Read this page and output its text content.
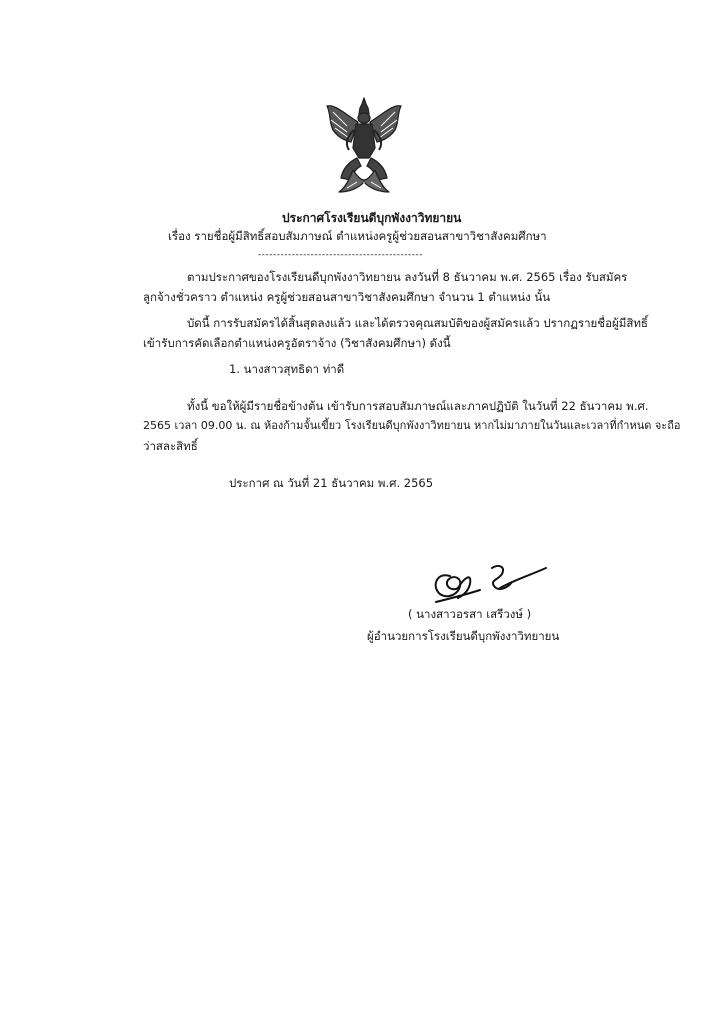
ประกาศโรงเรียนดีบุกพังงาวิทยายน
เรื่อง รายชื่อผู้มีสิทธิ์สอบสัมภาษณ์ ตำแหน่งครูผู้ช่วยสอนสาขาวิชาสังคมศึกษา
--------------------------------------------
ตามประกาศของโรงเรียนดีบุกพังงาวิทยายน ลงวันที่ 8 ธันวาคม พ.ศ. 2565 เรื่อง รับสมัคร
ลูกจ้างชั่วคราว ตำแหน่ง ครูผู้ช่วยสอนสาขาวิชาสังคมศึกษา จำนวน 1 ตำแหน่ง นั้น
บัดนี้ การรับสมัครได้สิ้นสุดลงแล้ว และได้ตรวจคุณสมบัติของผู้สมัครแล้ว ปรากฏรายชื่อผู้มีสิทธิ์
เข้ารับการคัดเลือกตำแหน่งครูอัตราจ้าง (วิชาสังคมศึกษา) ดังนี้
1. นางสาวสุทธิดา ท่าดี
ทั้งนี้ ขอให้ผู้มีรายชื่อข้างต้น เข้ารับการสอบสัมภาษณ์และภาคปฏิบัติ ในวันที่ 22 ธันวาคม พ.ศ.
2565 เวลา 09.00 น. ณ ห้องก้ามจั้นเขี้ยว โรงเรียนดีบุกพังงาวิทยายน หากไม่มาภายในวันและเวลาที่กำหนด จะถือ
ว่าสละสิทธิ์
ประกาศ ณ วันที่ 21 ธันวาคม พ.ศ. 2565
( นางสาวอรสา เสรีวงษ์ )
ผู้อำนวยการโรงเรียนดีบุกพังงาวิทยายน
